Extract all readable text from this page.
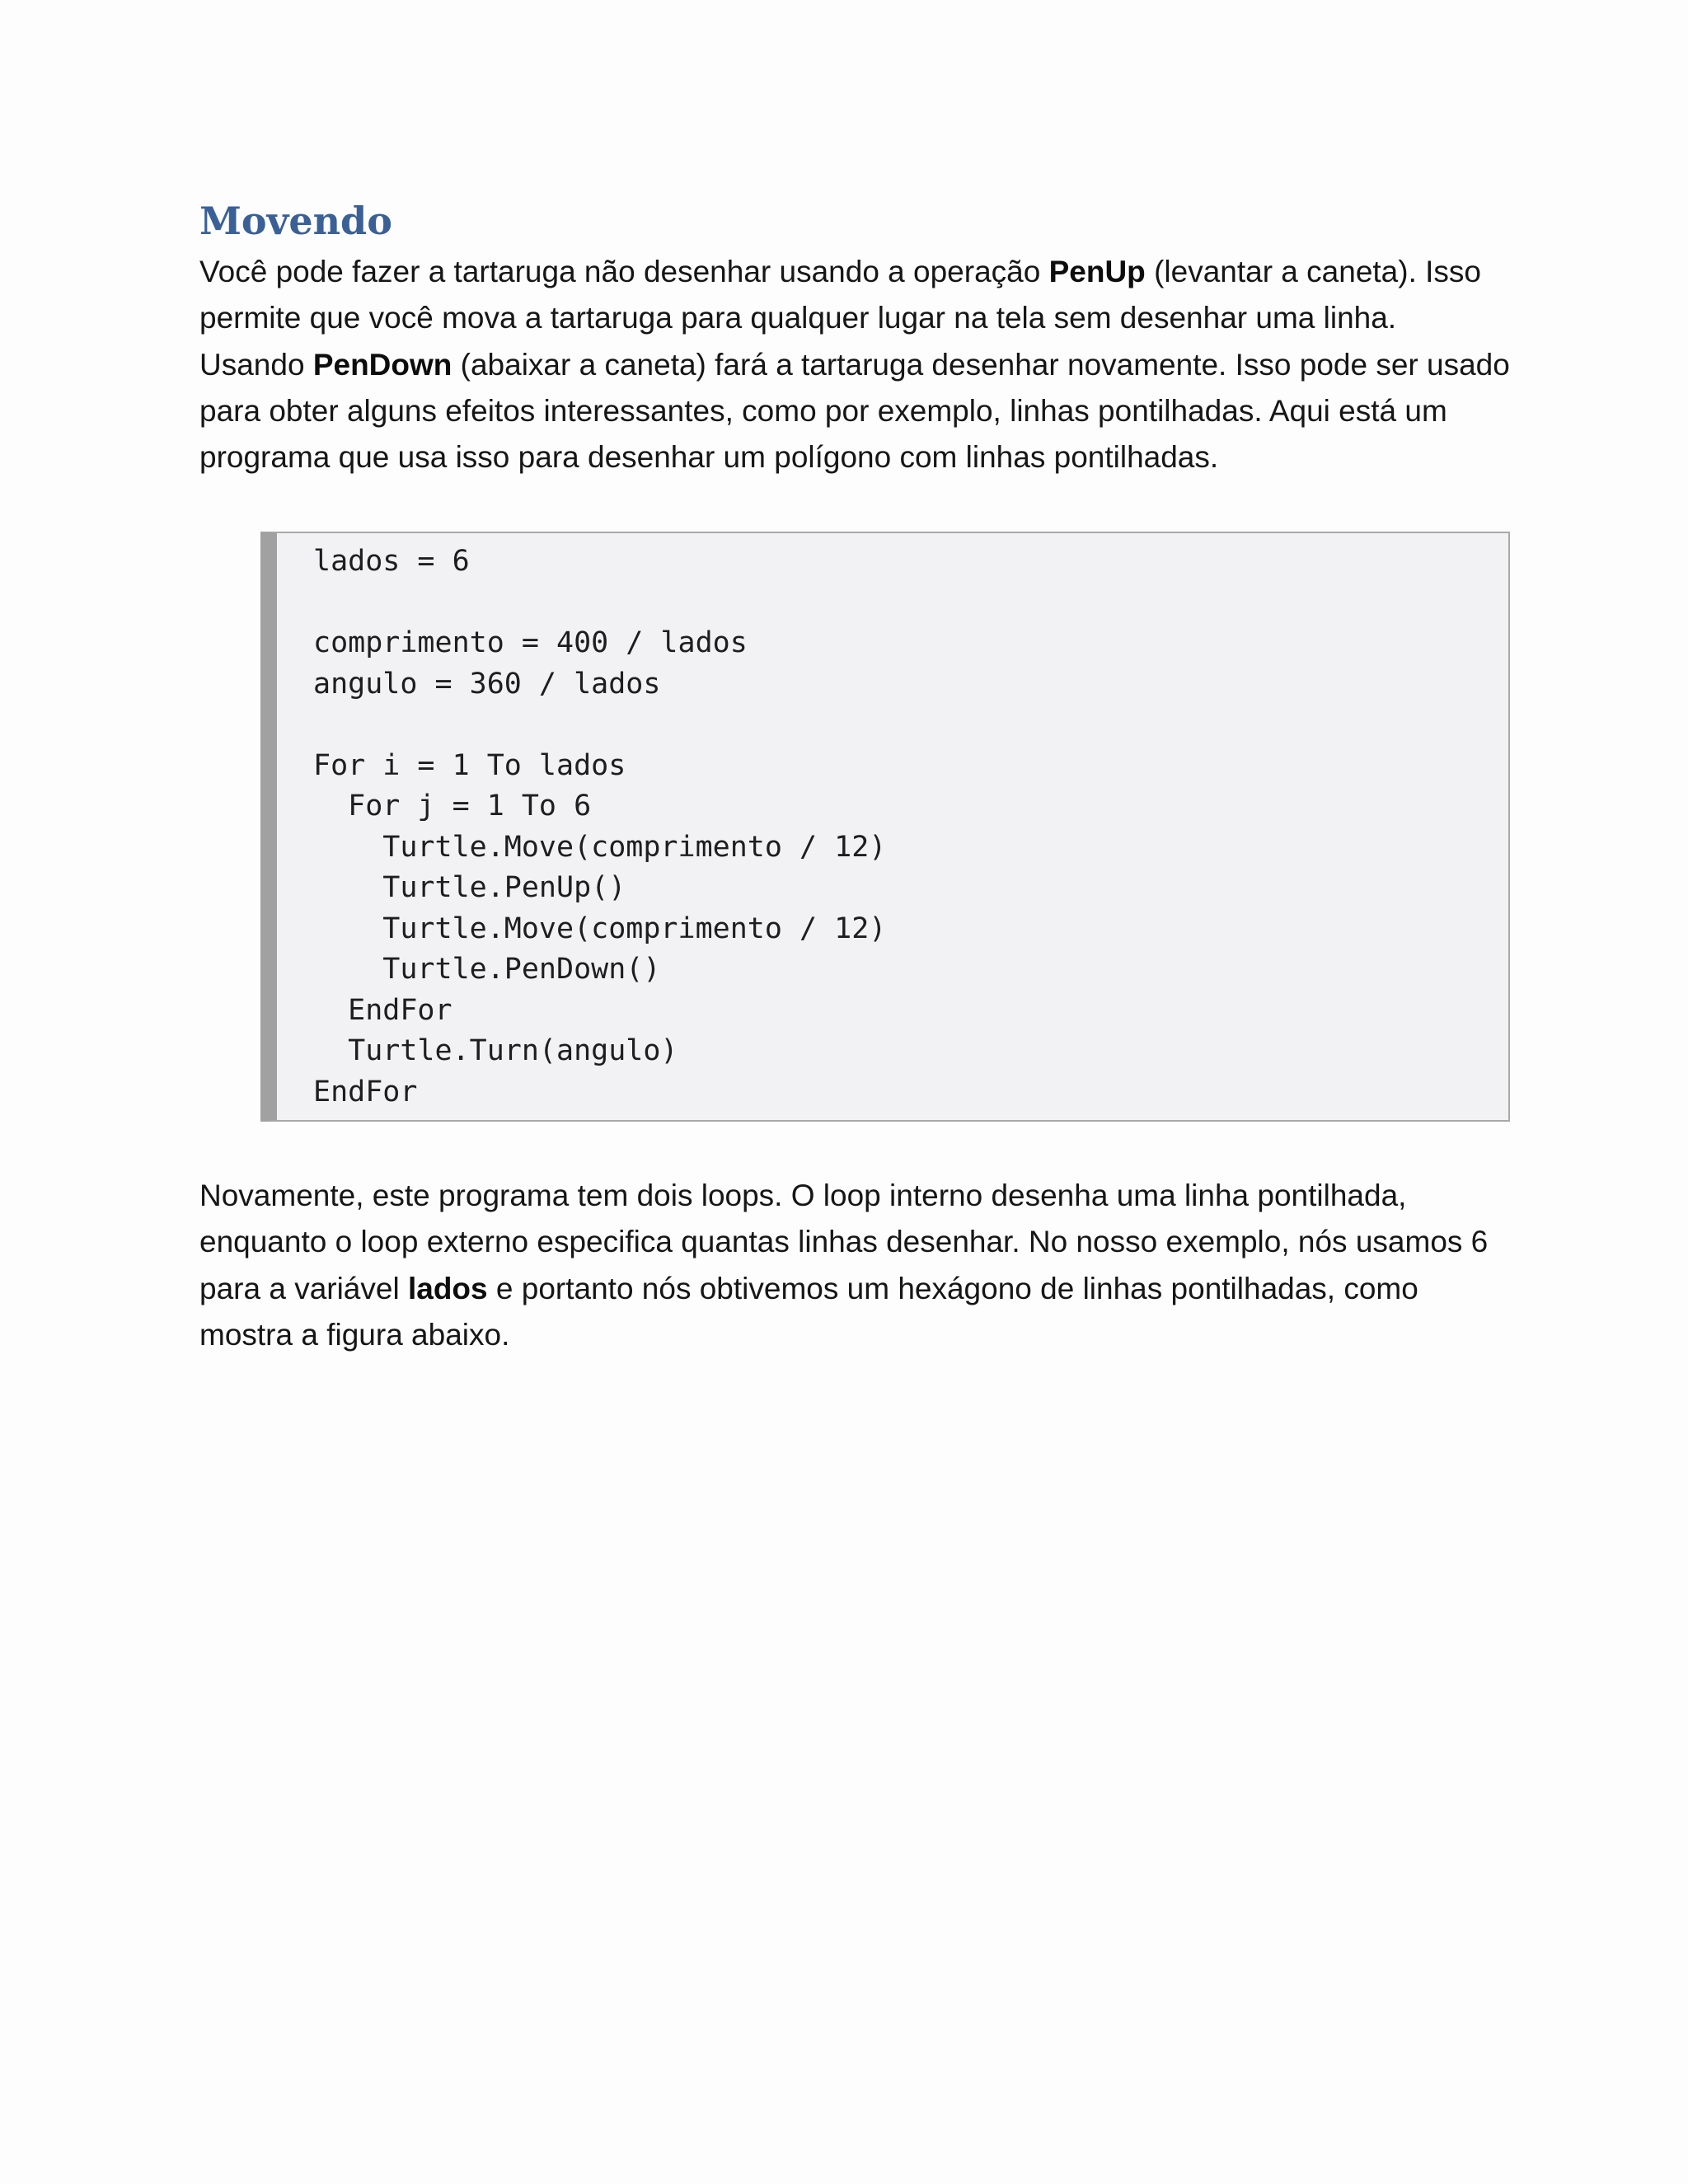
Movendo

Você pode fazer a tartaruga não desenhar usando a operação PenUp (levantar a caneta). Isso
permite que você mova a tartaruga para qualquer lugar na tela sem desenhar uma linha.
Usando PenDown (abaixar a caneta) fará a tartaruga desenhar novamente. Isso pode ser usado
para obter alguns efeitos interessantes, como por exemplo, linhas pontilhadas. Aqui está um
programa que usa isso para desenhar um polígono com linhas pontilhadas.

lados = 6
comprimento = 400 / lados
angulo = 360 / lados
For i = 1 To lados
For j = 1 To 6
Turtle.Move(comprimento / 12)
Turtle.PenUp()
Turtle.Move(comprimento / 12)
Turtle.PenDown()
EndFor
Turtle.Turn(angulo)
EndFor

Novamente, este programa tem dois loops. O loop interno desenha uma linha pontilhada,
enquanto o loop externo especifica quantas linhas desenhar. No nosso exemplo, nós usamos 6
para a variável lados e portanto nós obtivemos um hexágono de linhas pontilhadas, como
mostra a figura abaixo.
